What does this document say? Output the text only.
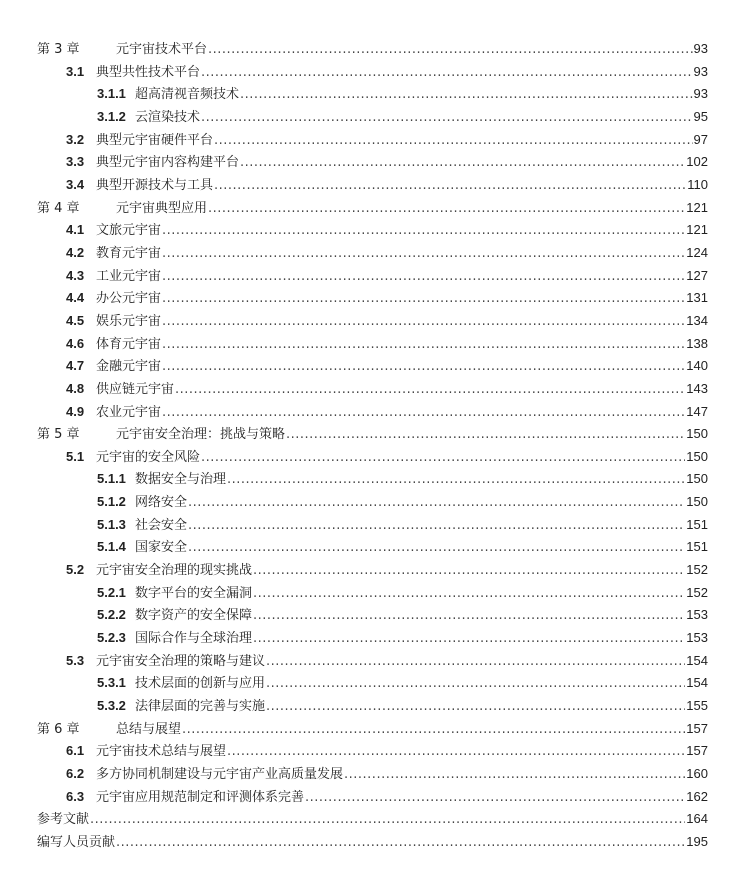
第 3 章	元宇宙技术平台 .....	93
3.1 典型共性技术平台 .....	93
3.1.1 超高清视音频技术 .....	93
3.1.2 云渲染技术 .....	95
3.2 典型元宇宙硬件平台 .....	97
3.3 典型元宇宙内容构建平台 .....	102
3.4 典型开源技术与工具 .....	110
第 4 章	元宇宙典型应用 .....	121
4.1 文旅元宇宙 .....	121
4.2 教育元宇宙 .....	124
4.3 工业元宇宙 .....	127
4.4 办公元宇宙 .....	131
4.5 娱乐元宇宙 .....	134
4.6 体育元宇宙 .....	138
4.7 金融元宇宙 .....	140
4.8 供应链元宇宙 .....	143
4.9 农业元宇宙 .....	147
第 5 章	元宇宙安全治理：挑战与策略 .....	150
5.1 元宇宙的安全风险 .....	150
5.1.1 数据安全与治理 .....	150
5.1.2 网络安全 .....	150
5.1.3 社会安全 .....	151
5.1.4 国家安全 .....	151
5.2 元宇宙安全治理的现实挑战 .....	152
5.2.1 数字平台的安全漏洞 .....	152
5.2.2 数字资产的安全保障 .....	153
5.2.3 国际合作与全球治理 .....	153
5.3 元宇宙安全治理的策略与建议 .....	154
5.3.1 技术层面的创新与应用 .....	154
5.3.2 法律层面的完善与实施 .....	155
第 6 章	总结与展望 .....	157
6.1 元宇宙技术总结与展望 .....	157
6.2 多方协同机制建设与元宇宙产业高质量发展 .....	160
6.3 元宇宙应用规范制定和评测体系完善 .....	162
参考文献 .....	164
编写人员贡献 .....	195
